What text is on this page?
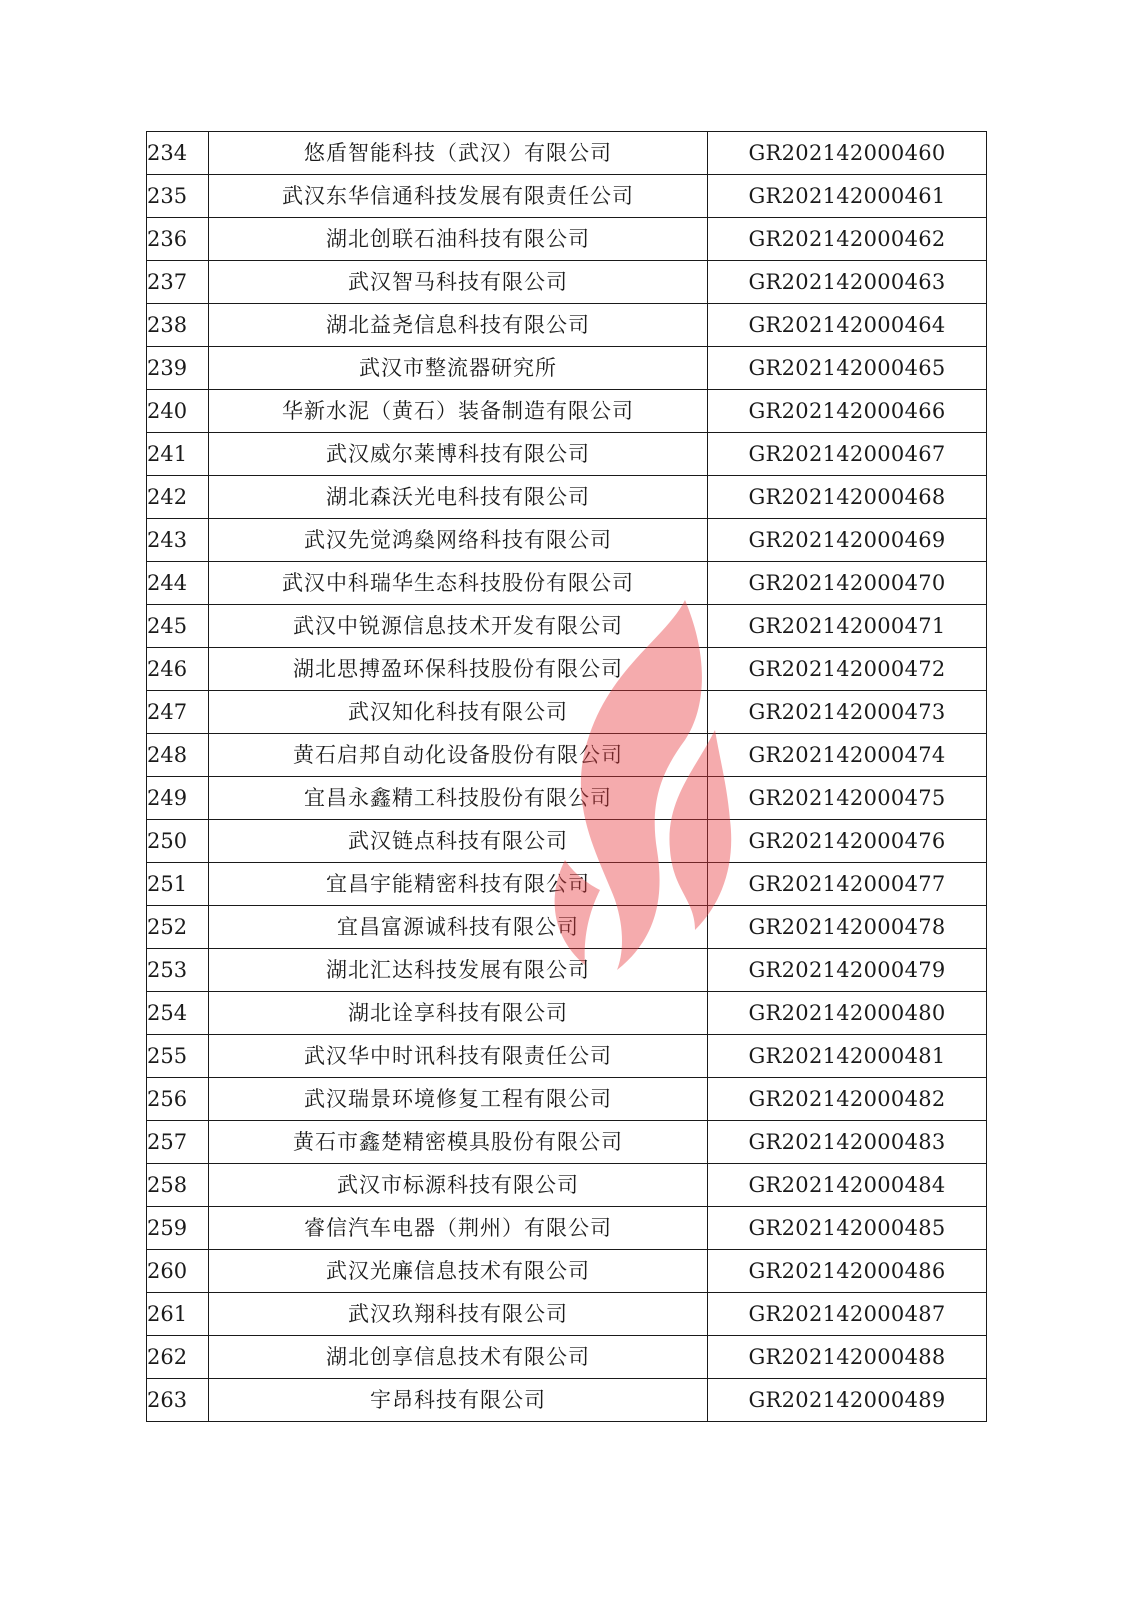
234	悠盾智能科技（武汉）有限公司	GR202142000460
235	武汉东华信通科技发展有限责任公司	GR202142000461
236	湖北创联石油科技有限公司	GR202142000462
237	武汉智马科技有限公司	GR202142000463
238	湖北益尧信息科技有限公司	GR202142000464
239	武汉市整流器研究所	GR202142000465
240	华新水泥（黄石）装备制造有限公司	GR202142000466
241	武汉威尔莱博科技有限公司	GR202142000467
242	湖北森沃光电科技有限公司	GR202142000468
243	武汉先觉鸿燊网络科技有限公司	GR202142000469
244	武汉中科瑞华生态科技股份有限公司	GR202142000470
245	武汉中锐源信息技术开发有限公司	GR202142000471
246	湖北思搏盈环保科技股份有限公司	GR202142000472
247	武汉知化科技有限公司	GR202142000473
248	黄石启邦自动化设备股份有限公司	GR202142000474
249	宜昌永鑫精工科技股份有限公司	GR202142000475
250	武汉链点科技有限公司	GR202142000476
251	宜昌宇能精密科技有限公司	GR202142000477
252	宜昌富源诚科技有限公司	GR202142000478
253	湖北汇达科技发展有限公司	GR202142000479
254	湖北诠享科技有限公司	GR202142000480
255	武汉华中时讯科技有限责任公司	GR202142000481
256	武汉瑞景环境修复工程有限公司	GR202142000482
257	黄石市鑫楚精密模具股份有限公司	GR202142000483
258	武汉市标源科技有限公司	GR202142000484
259	睿信汽车电器（荆州）有限公司	GR202142000485
260	武汉光廉信息技术有限公司	GR202142000486
261	武汉玖翔科技有限公司	GR202142000487
262	湖北创享信息技术有限公司	GR202142000488
263	宇昂科技有限公司	GR202142000489
